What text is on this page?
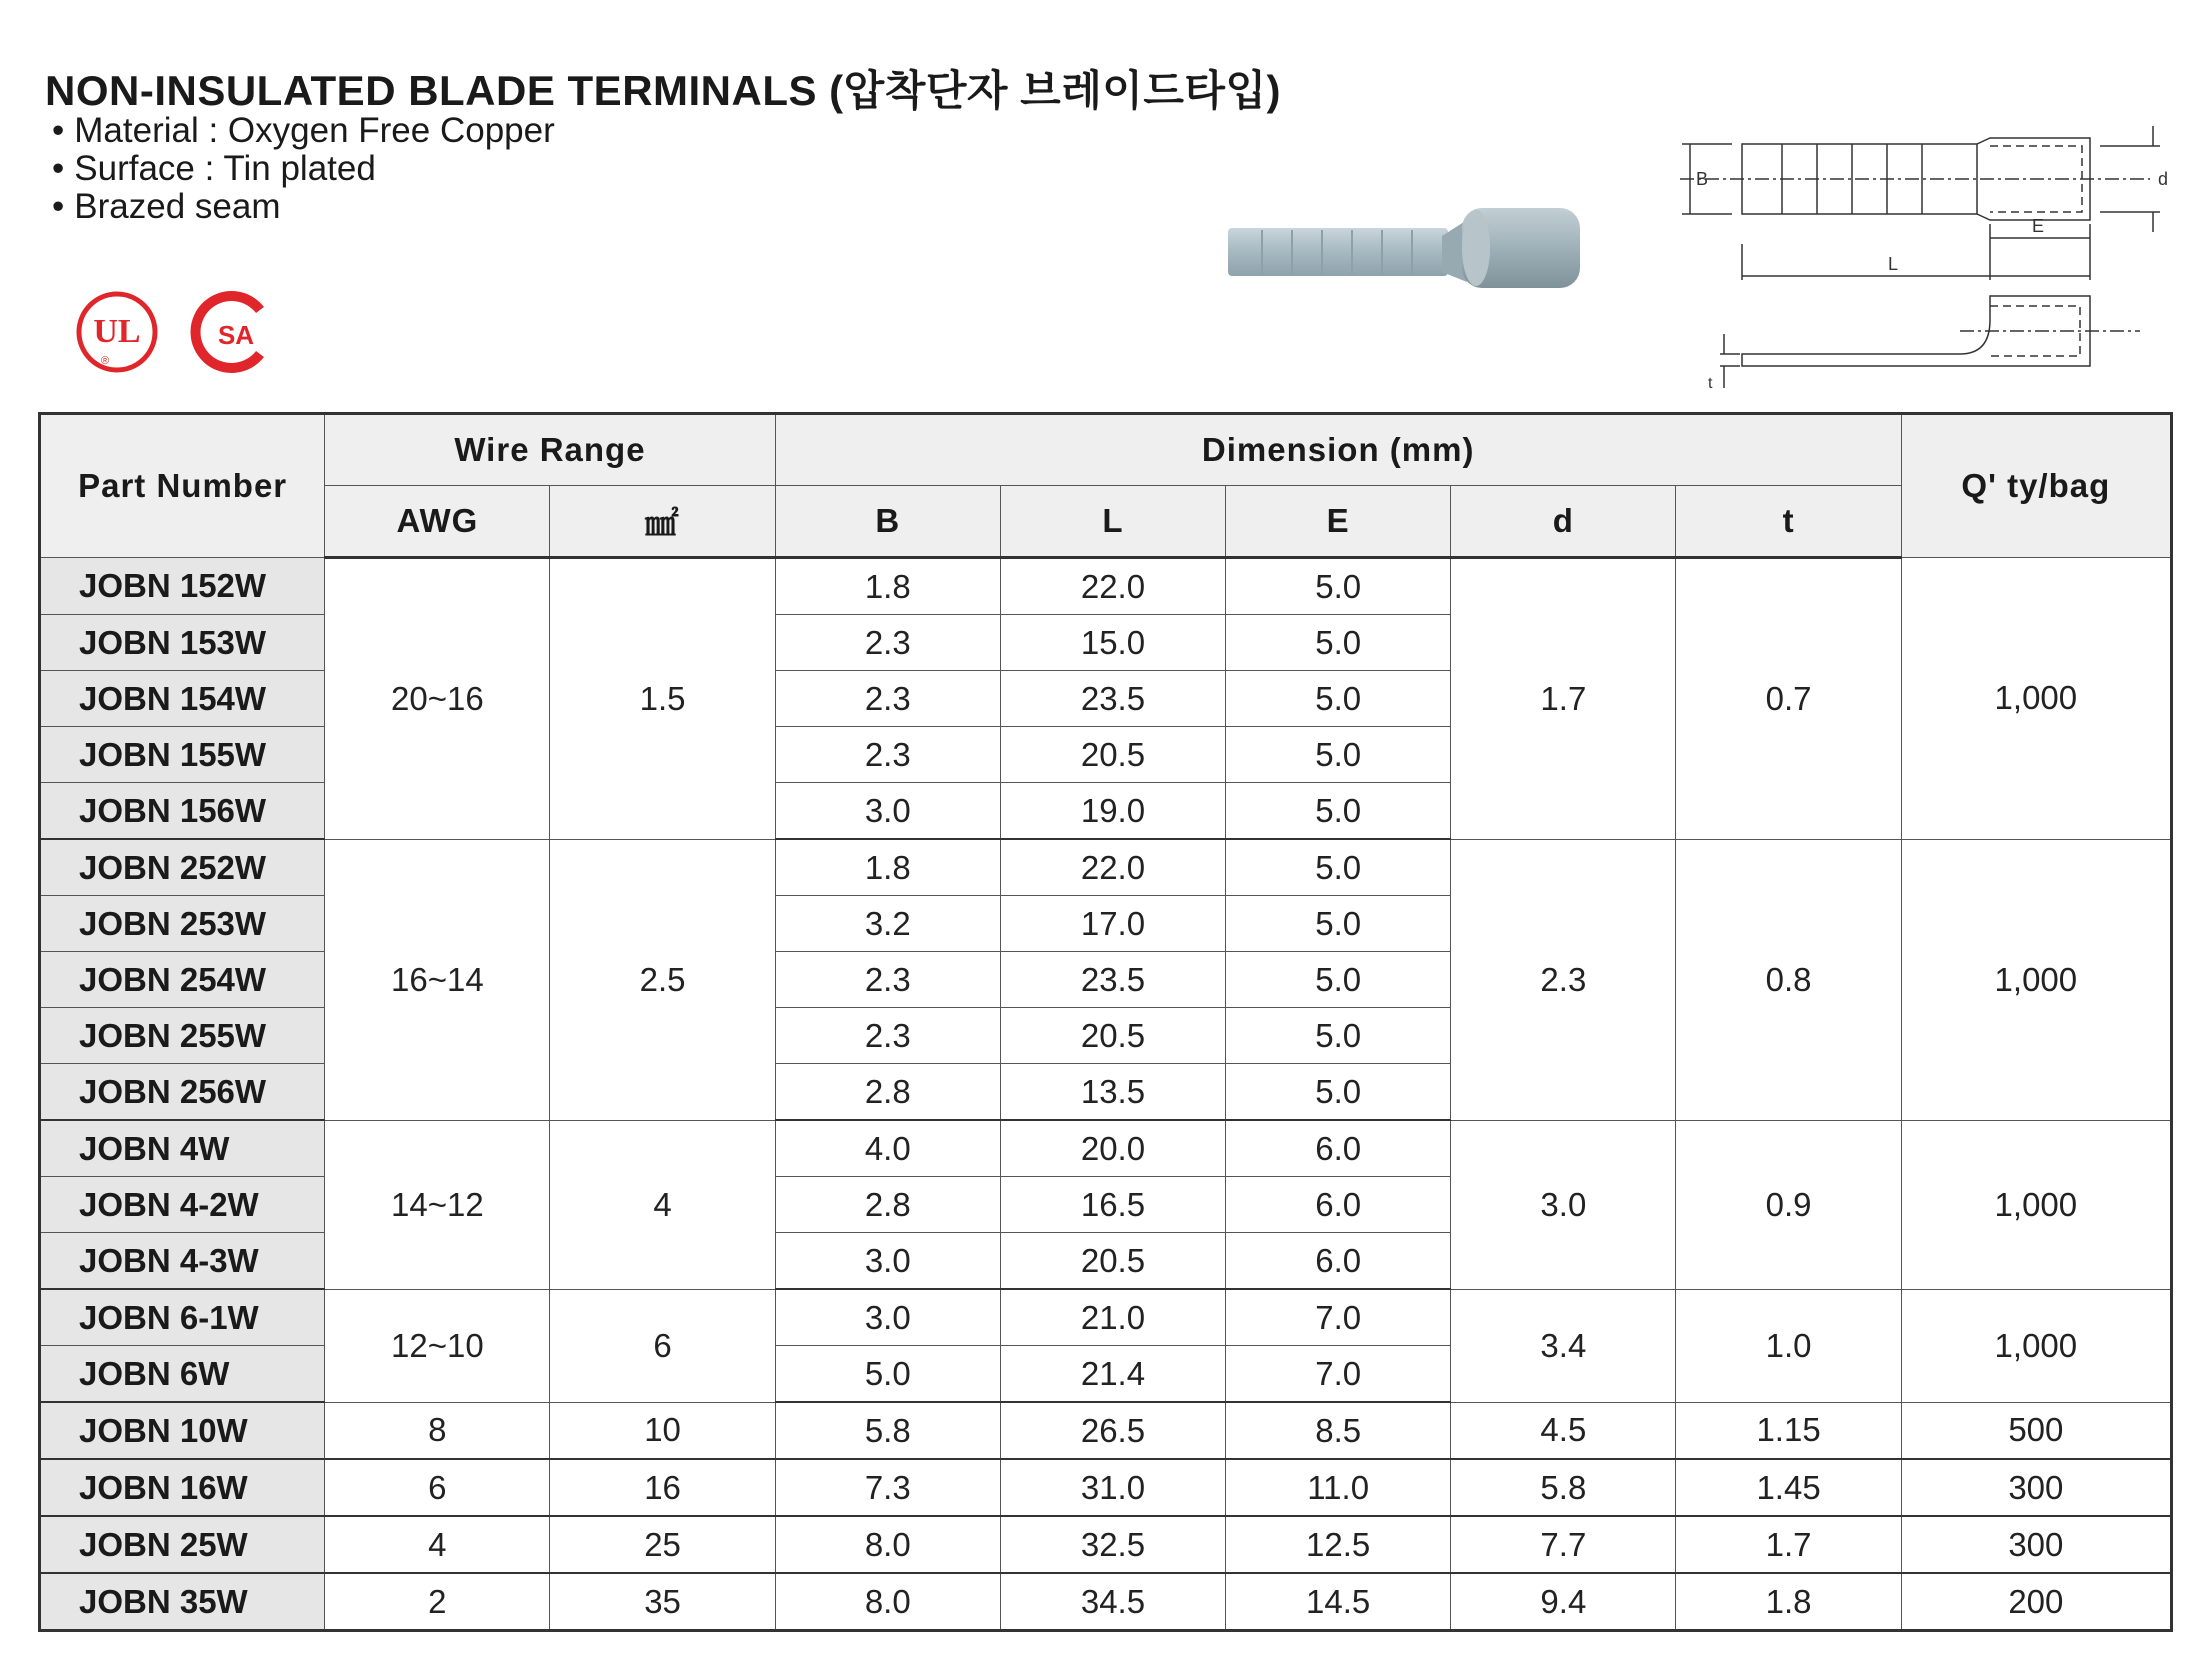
NON-INSULATED BLADE TERMINALS (압착단자 브레이드타입)
• Material : Oxygen Free Copper
• Surface : Tin plated
• Brazed seam
UL
®
SA
B	d
E
L
t
Part Number	Wire Range		Dimension (mm)					Q' ty/bag
	AWG	㎟	B	L	E	d	t	
JOBN 152W	20~16	1.5	1.8	22.0	5.0	1.7	0.7	1,000
JOBN 153W			2.3	15.0	5.0			
JOBN 154W			2.3	23.5	5.0			
JOBN 155W			2.3	20.5	5.0			
JOBN 156W			3.0	19.0	5.0			
JOBN 252W	16~14	2.5	1.8	22.0	5.0	2.3	0.8	1,000
JOBN 253W			3.2	17.0	5.0			
JOBN 254W			2.3	23.5	5.0			
JOBN 255W			2.3	20.5	5.0			
JOBN 256W			2.8	13.5	5.0			
JOBN 4W	14~12	4	4.0	20.0	6.0	3.0	0.9	1,000
JOBN 4-2W			2.8	16.5	6.0			
JOBN 4-3W			3.0	20.5	6.0			
JOBN 6-1W	12~10	6	3.0	21.0	7.0	3.4	1.0	1,000
JOBN 6W			5.0	21.4	7.0			
JOBN 10W	8	10	5.8	26.5	8.5	4.5	1.15	500
JOBN 16W	6	16	7.3	31.0	11.0	5.8	1.45	300
JOBN 25W	4	25	8.0	32.5	12.5	7.7	1.7	300
JOBN 35W	2	35	8.0	34.5	14.5	9.4	1.8	200
